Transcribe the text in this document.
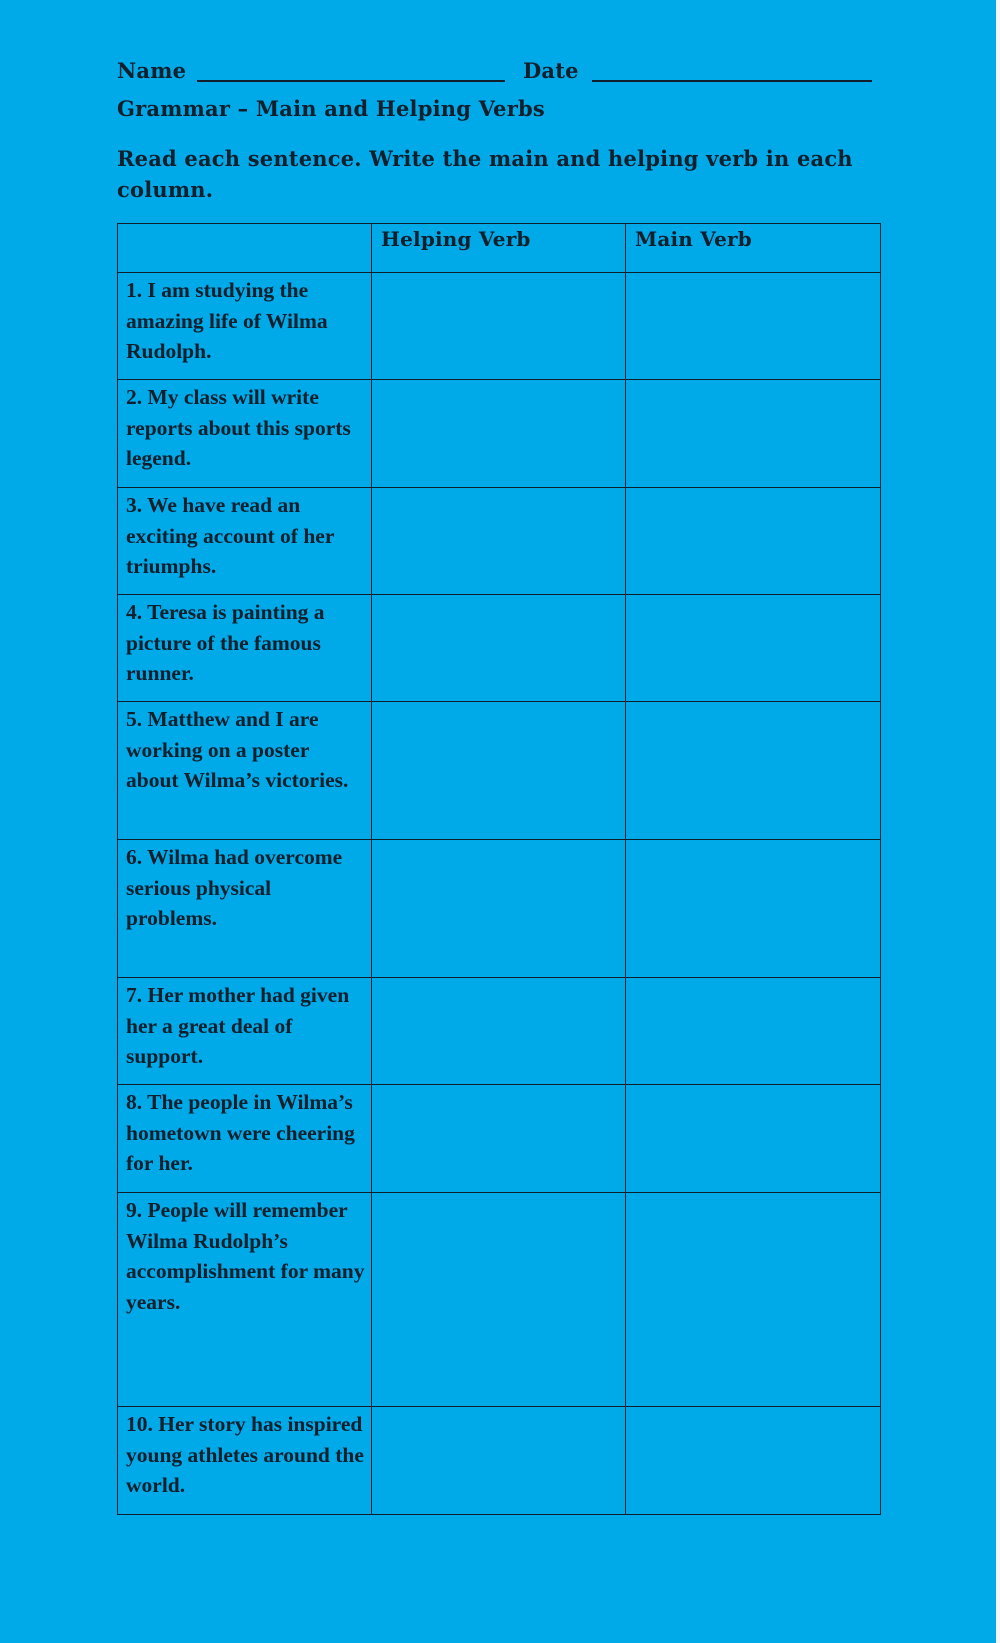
Name	Date
Grammar – Main and Helping Verbs
Read each sentence. Write the main and helping verb in each column.
	Helping Verb	Main Verb
1. I am studying the amazing life of Wilma Rudolph.		
2. My class will write reports about this sports legend.		
3. We have read an exciting account of her triumphs.		
4. Teresa is painting a picture of the famous runner.		
5. Matthew and I are working on a poster about Wilma’s victories.		
6. Wilma had overcome serious physical problems.		
7. Her mother had given her a great deal of support.		
8. The people in Wilma’s hometown were cheering for her.		
9. People will remember Wilma Rudolph’s accomplishment for many years.		
10. Her story has inspired young athletes around the world.		
